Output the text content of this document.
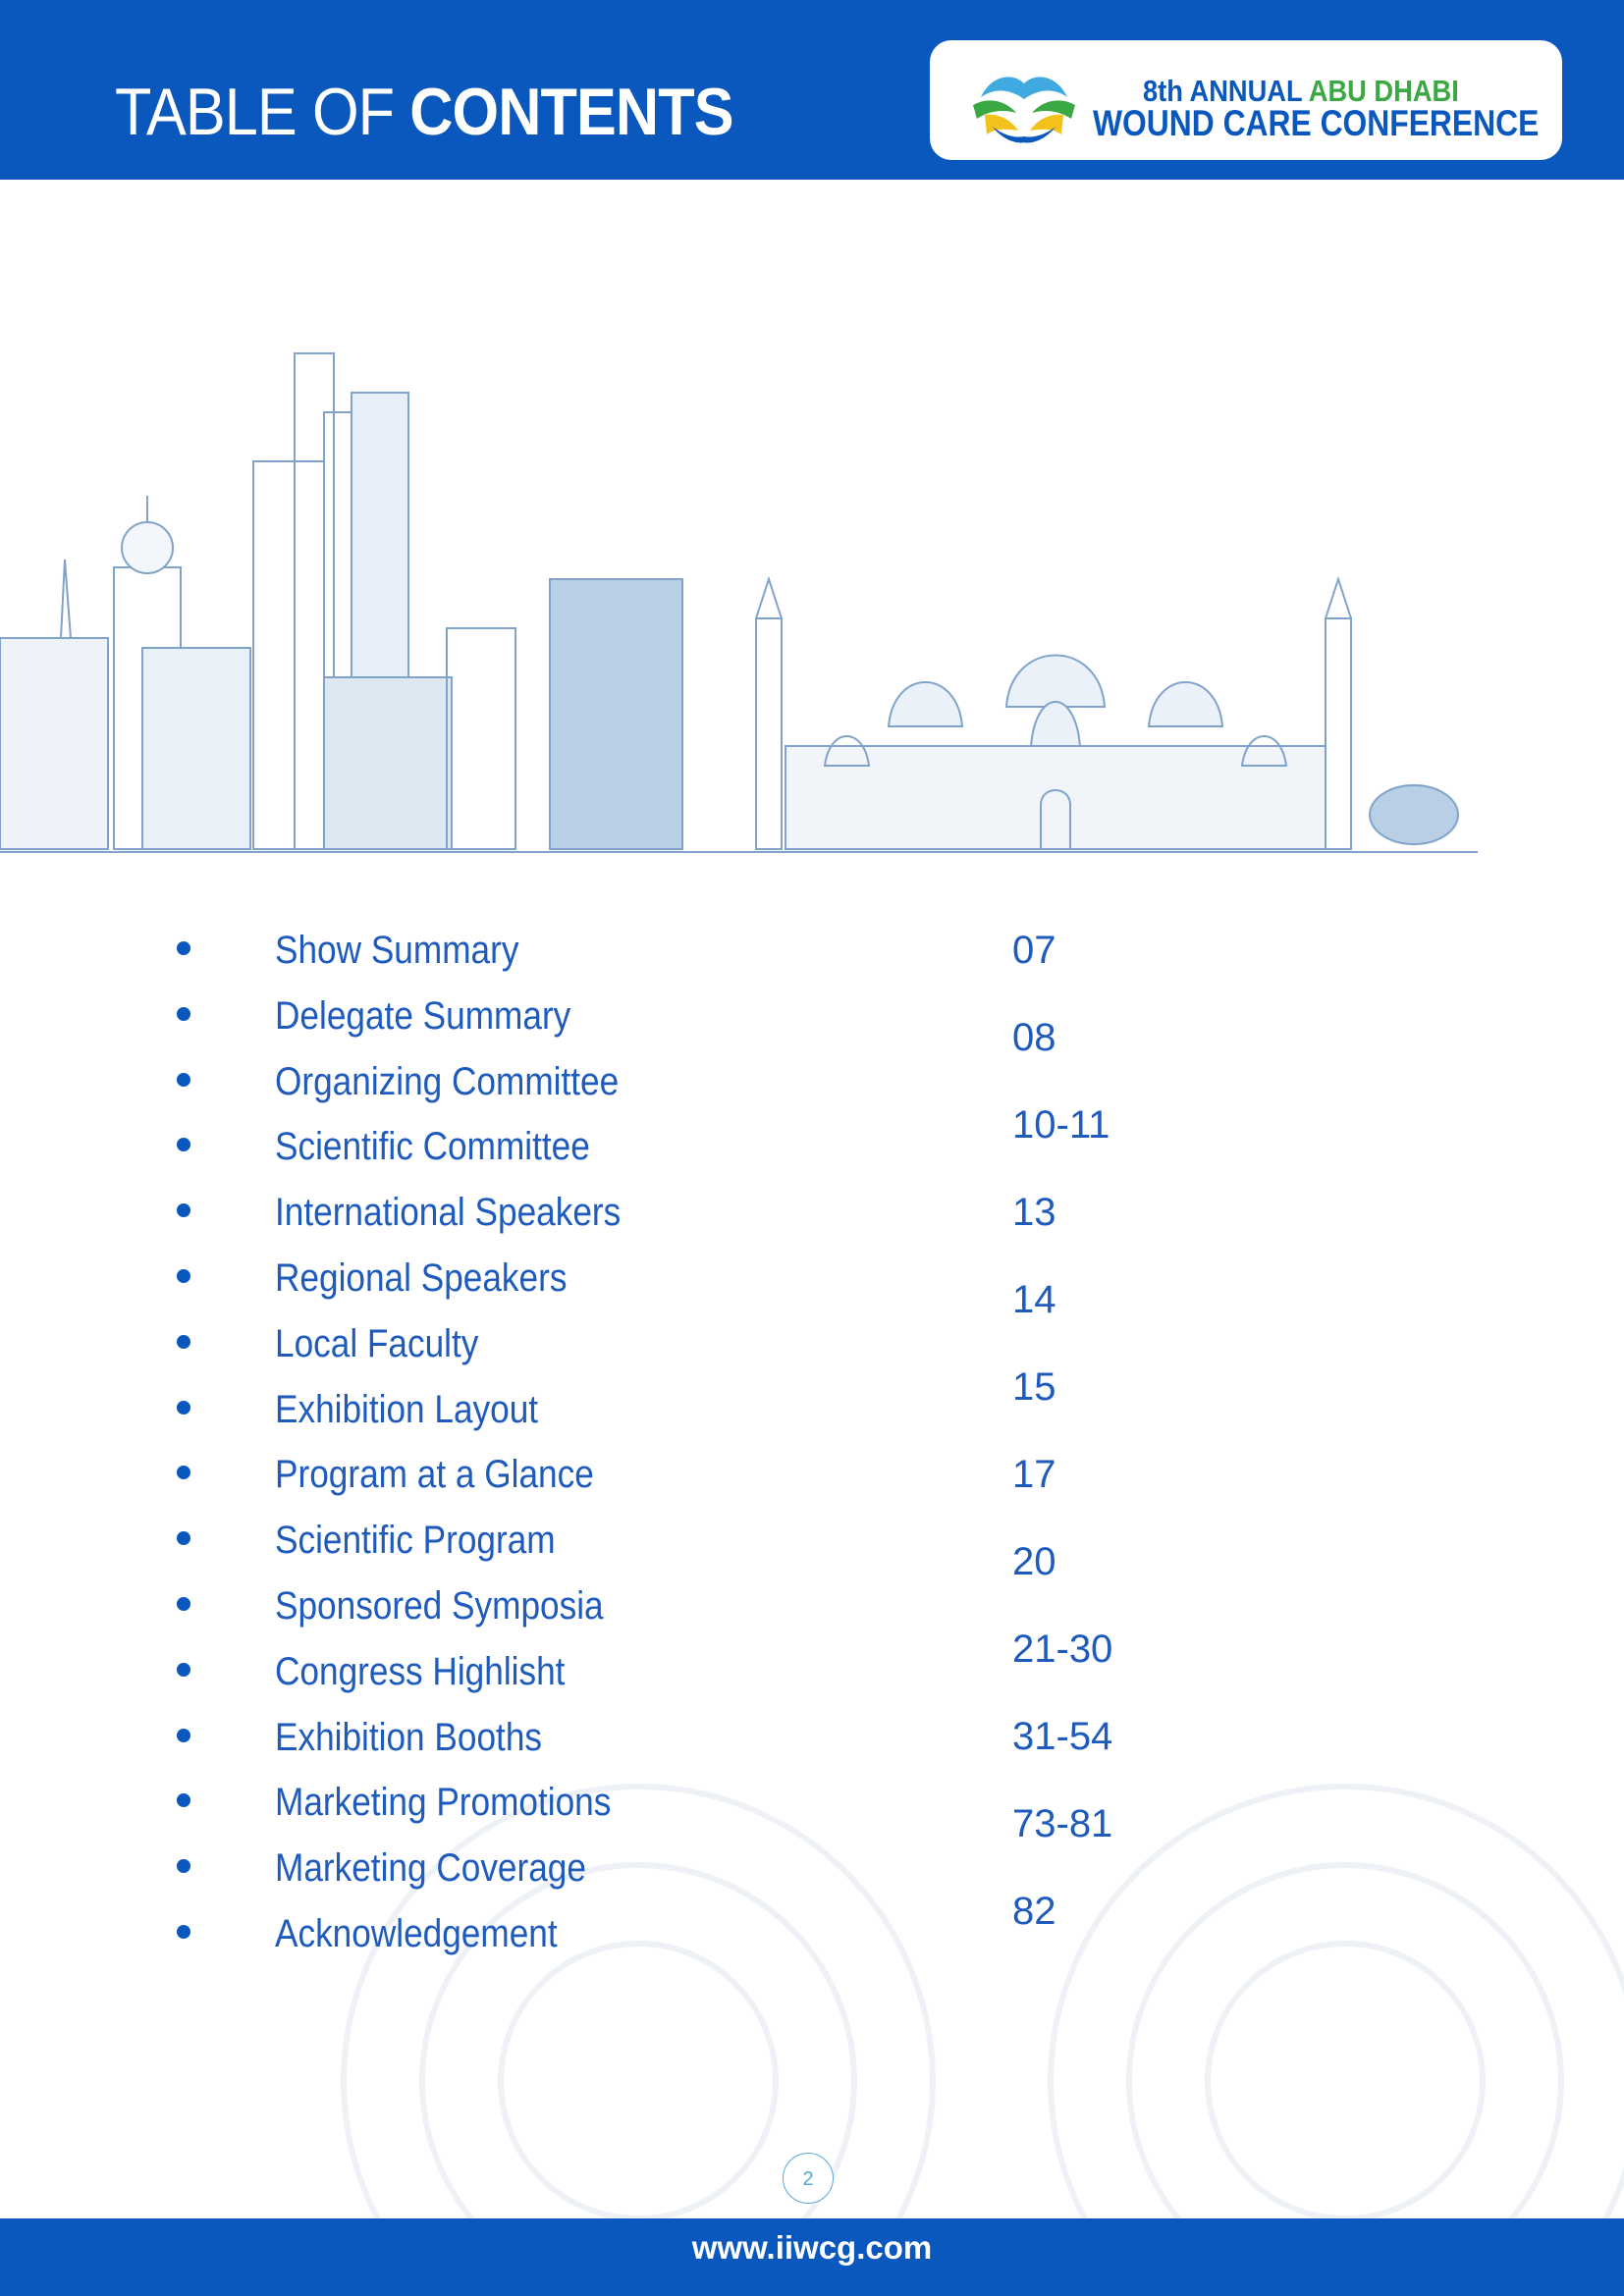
TABLE OF CONTENTS	8th ANNUAL ABU DHABI
WOUND CARE CONFERENCE
Show Summary
Delegate Summary
Organizing Committee
Scientific Committee
International Speakers
Regional Speakers
Local Faculty
Exhibition Layout
Program at a Glance
Scientific Program
Sponsored Symposia
Congress Highlisht
Exhibition Booths
Marketing Promotions
Marketing Coverage
Acknowledgement
07
08
10-11
13
14
15
17
20
21-30
31-54
73-81
82
2
www.iiwcg.com
